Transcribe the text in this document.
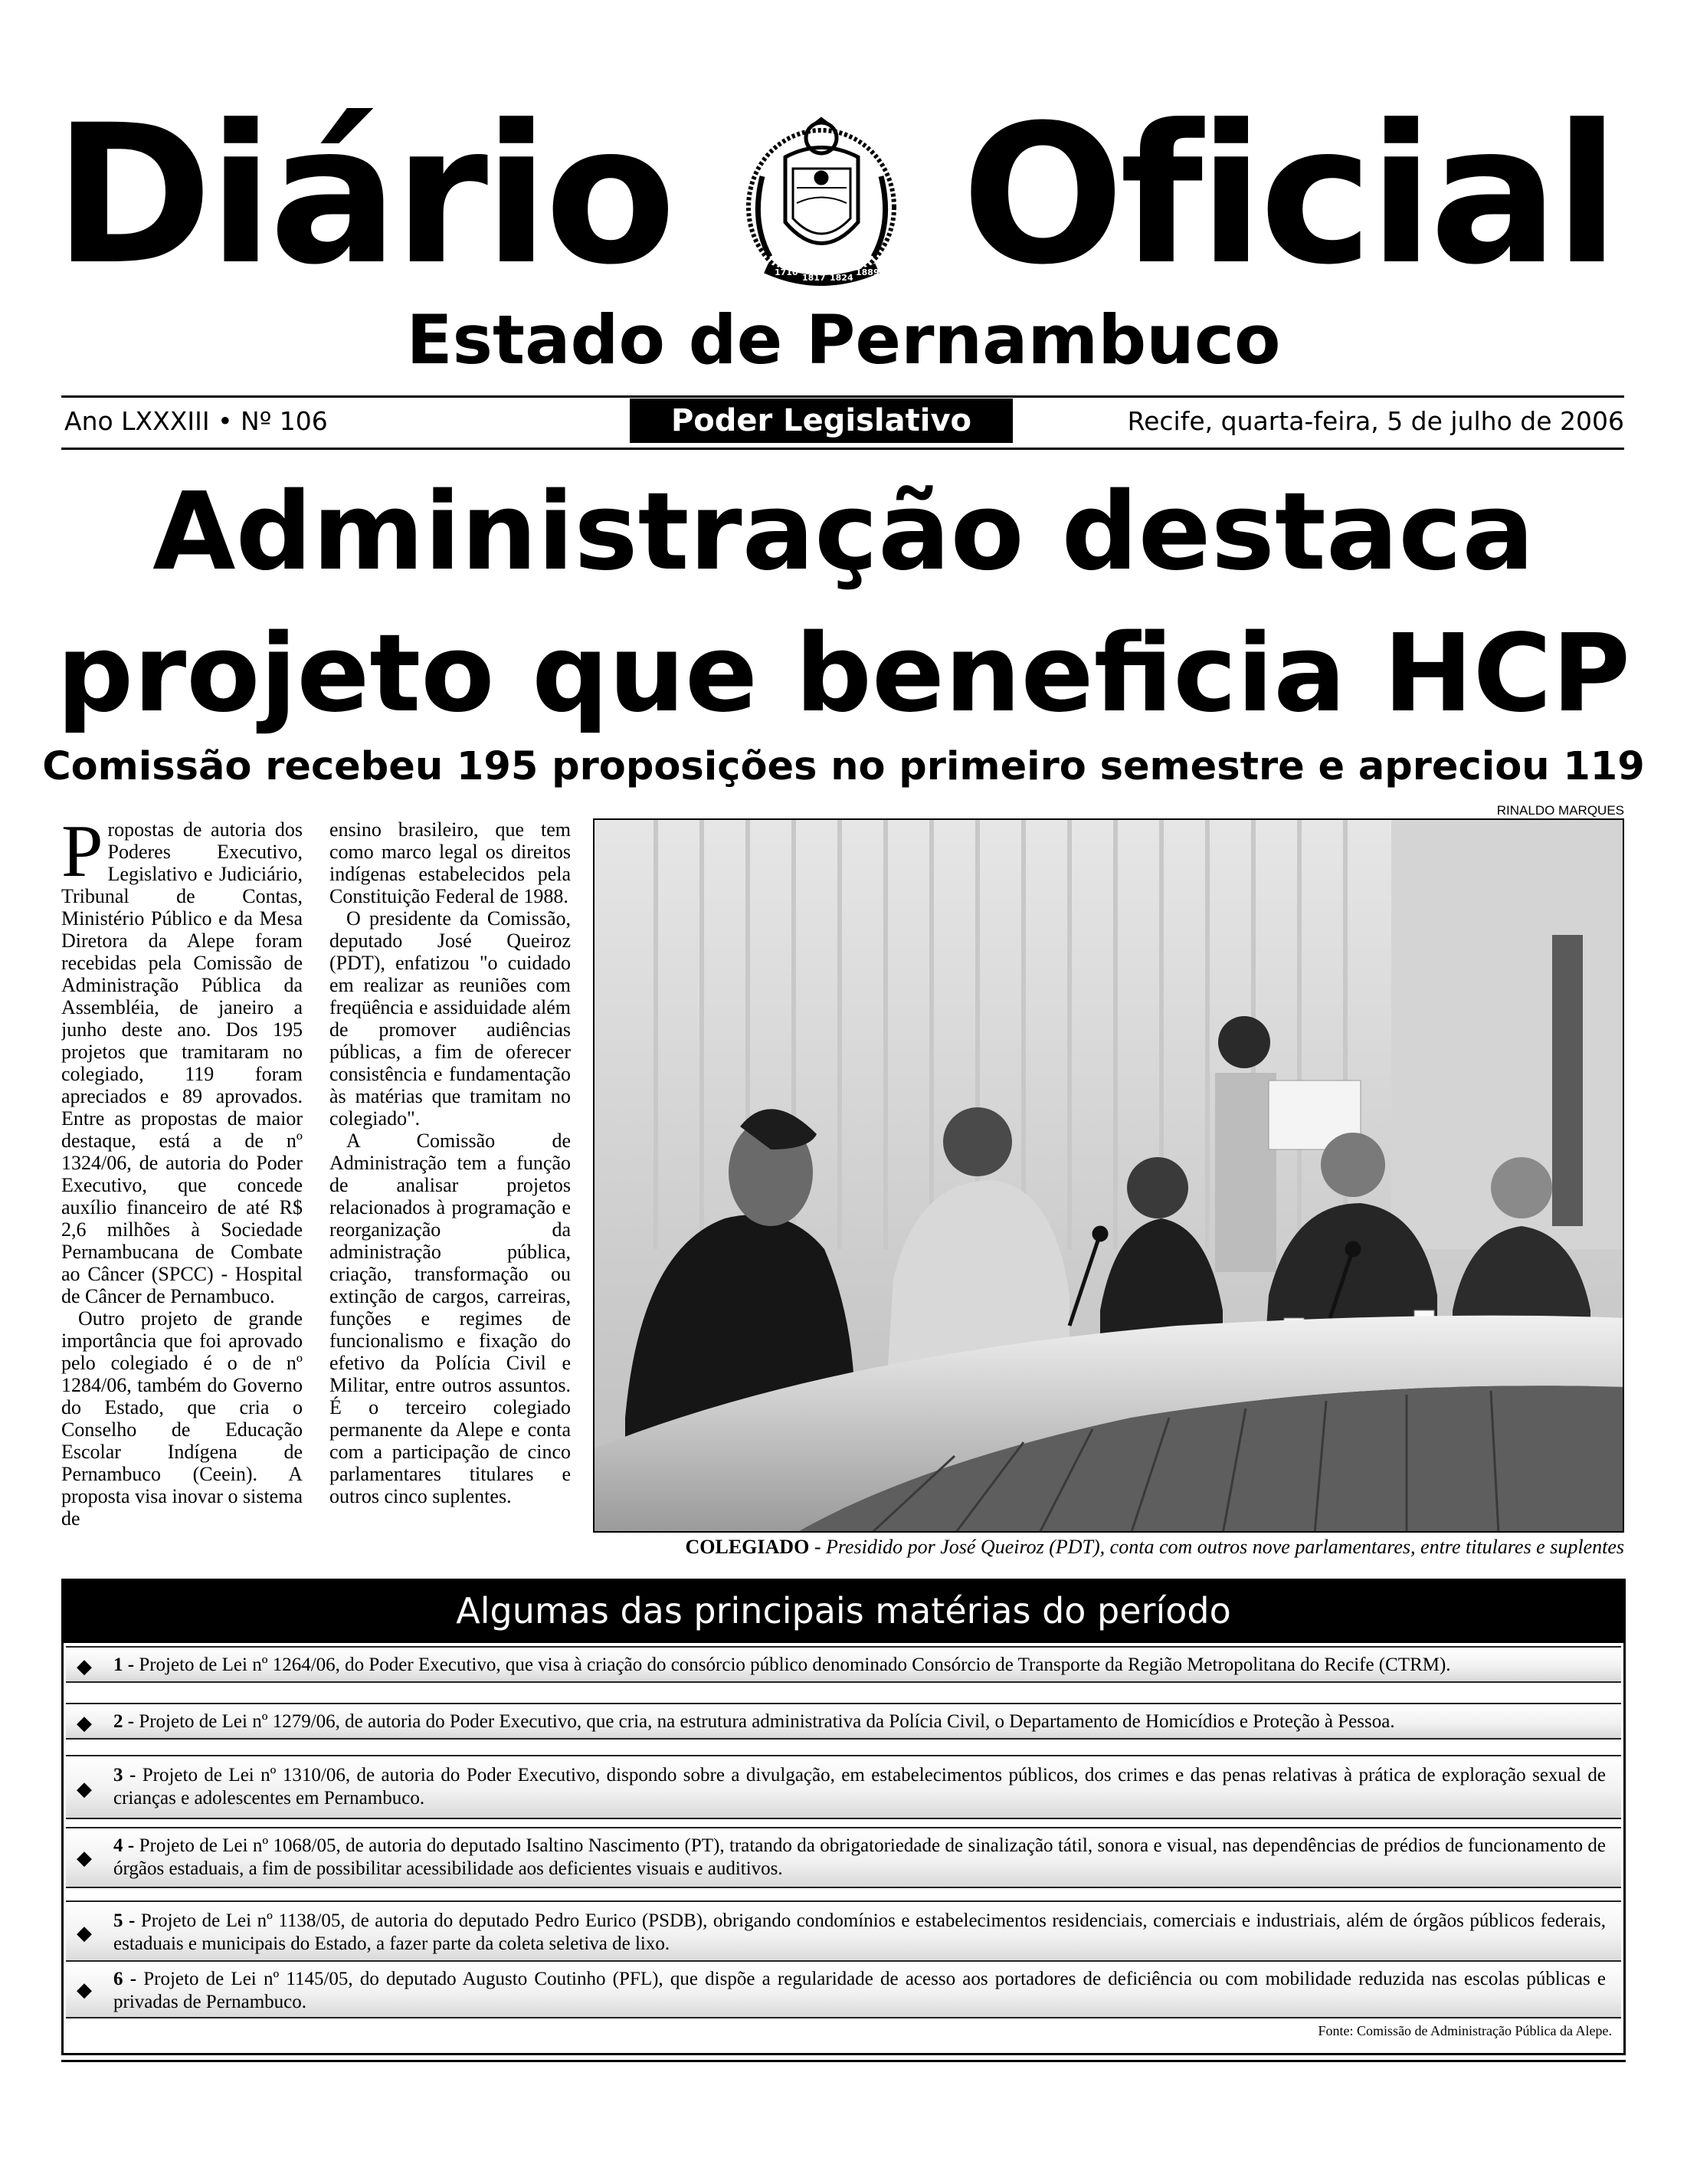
Diário	1710
1817 1824
1889 Oficial
Estado de Pernambuco
Ano LXXXIII • Nº 106	Poder Legislativo	Recife, quarta-feira, 5 de julho de 2006
Administração destaca
projeto que beneficia HCP
Comissão recebeu 195 proposições no primeiro semestre e apreciou 119
RINALDO MARQUES

Propostas de autoria dos Poderes Executivo, Legislativo e Judiciário, Tribunal de Contas, Ministério Público e da Mesa Diretora da Alepe foram recebidas pela Comissão de Administração Pública da Assembléia, de janeiro a junho deste ano. Dos 195 projetos que tramitaram no colegiado, 119 foram apreciados e 89 aprovados. Entre as propostas de maior destaque, está a de nº 1324/06, de autoria do Poder Executivo, que concede auxílio financeiro de até R$ 2,6 milhões à Sociedade Pernambucana de Combate ao Câncer (SPCC) - Hospital de Câncer de Pernambuco.

Outro projeto de grande importância que foi aprovado pelo colegiado é o de nº 1284/06, também do Governo do Estado, que cria o Conselho de Educação Escolar Indígena de Pernambuco (Ceein). A proposta visa inovar o sistema de

ensino brasileiro, que tem como marco legal os direitos indígenas estabelecidos pela Constituição Federal de 1988.

O presidente da Comissão, deputado José Queiroz (PDT), enfatizou "o cuidado em realizar as reuniões com freqüência e assiduidade além de promover audiências públicas, a fim de oferecer consistência e fundamentação às matérias que tramitam no colegiado".

A Comissão de Administração tem a função de analisar projetos relacionados à programação e reorganização da administração pública, criação, transformação ou extinção de cargos, carreiras, funções e regimes de funcionalismo e fixação do efetivo da Polícia Civil e Militar, entre outros assuntos. É o terceiro colegiado permanente da Alepe e conta com a participação de cinco parlamentares titulares e outros cinco suplentes.

COLEGIADO - Presidido por José Queiroz (PDT), conta com outros nove parlamentares, entre titulares e suplentes
Algumas das principais matérias do período
◆ 1 - Projeto de Lei nº 1264/06, do Poder Executivo, que visa à criação do consórcio público denominado Consórcio de Transporte da Região Metropolitana do Recife (CTRM).
◆ 2 - Projeto de Lei nº 1279/06, de autoria do Poder Executivo, que cria, na estrutura administrativa da Polícia Civil, o Departamento de Homicídios e Proteção à Pessoa.
◆
3 - Projeto de Lei nº 1310/06, de autoria do Poder Executivo, dispondo sobre a divulgação, em estabelecimentos públicos, dos crimes e das penas relativas à prática de exploração sexual de crianças e adolescentes em Pernambuco.
◆
4 - Projeto de Lei nº 1068/05, de autoria do deputado Isaltino Nascimento (PT), tratando da obrigatoriedade de sinalização tátil, sonora e visual, nas dependências de prédios de funcionamento de órgãos estaduais, a fim de possibilitar acessibilidade aos deficientes visuais e auditivos.
◆
5 - Projeto de Lei nº 1138/05, de autoria do deputado Pedro Eurico (PSDB), obrigando condomínios e estabelecimentos residenciais, comerciais e industriais, além de órgãos públicos federais, estaduais e municipais do Estado, a fazer parte da coleta seletiva de lixo.
◆ 6 - Projeto de Lei nº 1145/05, do deputado Augusto Coutinho (PFL), que dispõe a regularidade de acesso aos portadores de deficiência ou com mobilidade reduzida nas escolas públicas e privadas de Pernambuco.
Fonte: Comissão de Administração Pública da Alepe.
